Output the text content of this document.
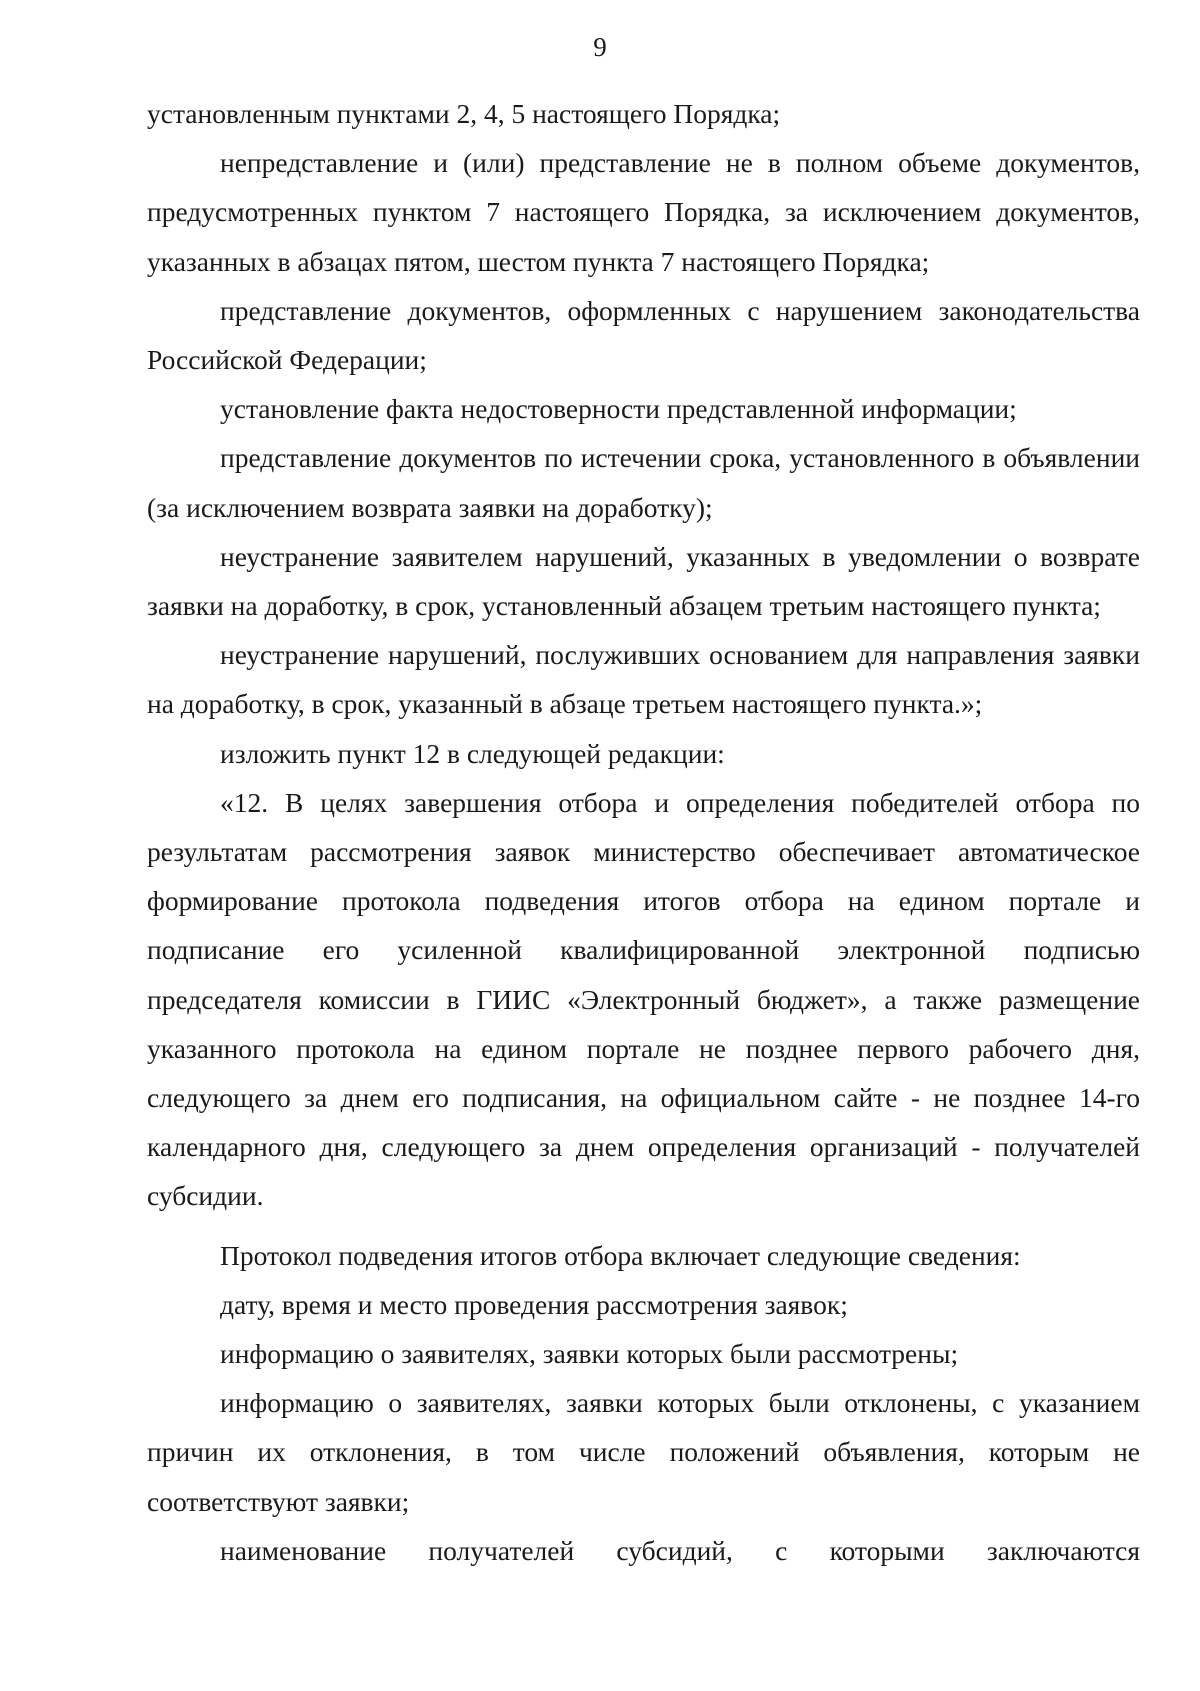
9

установленным пунктами 2, 4, 5 настоящего Порядка;

непредставление и (или) представление не в полном объеме документов, предусмотренных пунктом 7 настоящего Порядка, за исключением документов, указанных в абзацах пятом, шестом пункта 7 настоящего Порядка;

представление документов, оформленных с нарушением законодательства Российской Федерации;

установление факта недостоверности представленной информации;

представление документов по истечении срока, установленного в объявлении (за исключением возврата заявки на доработку);

неустранение заявителем нарушений, указанных в уведомлении о возврате заявки на доработку, в срок, установленный абзацем третьим настоящего пункта;

неустранение нарушений, послуживших основанием для направления заявки на доработку, в срок, указанный в абзаце третьем настоящего пункта.»;

изложить пункт 12 в следующей редакции:

«12. В целях завершения отбора и определения победителей отбора по результатам рассмотрения заявок министерство обеспечивает автоматическое формирование протокола подведения итогов отбора на едином портале и подписание его усиленной квалифицированной электронной подписью председателя комиссии в ГИИС «Электронный бюджет», а также размещение указанного протокола на едином портале не позднее первого рабочего дня, следующего за днем его подписания, на официальном сайте - не позднее 14-го календарного дня, следующего за днем определения организаций - получателей субсидии.

Протокол подведения итогов отбора включает следующие сведения:

дату, время и место проведения рассмотрения заявок;

информацию о заявителях, заявки которых были рассмотрены;

информацию о заявителях, заявки которых были отклонены, с указанием причин их отклонения, в том числе положений объявления, которым не соответствуют заявки;

наименование получателей субсидий, с которыми заключаются
